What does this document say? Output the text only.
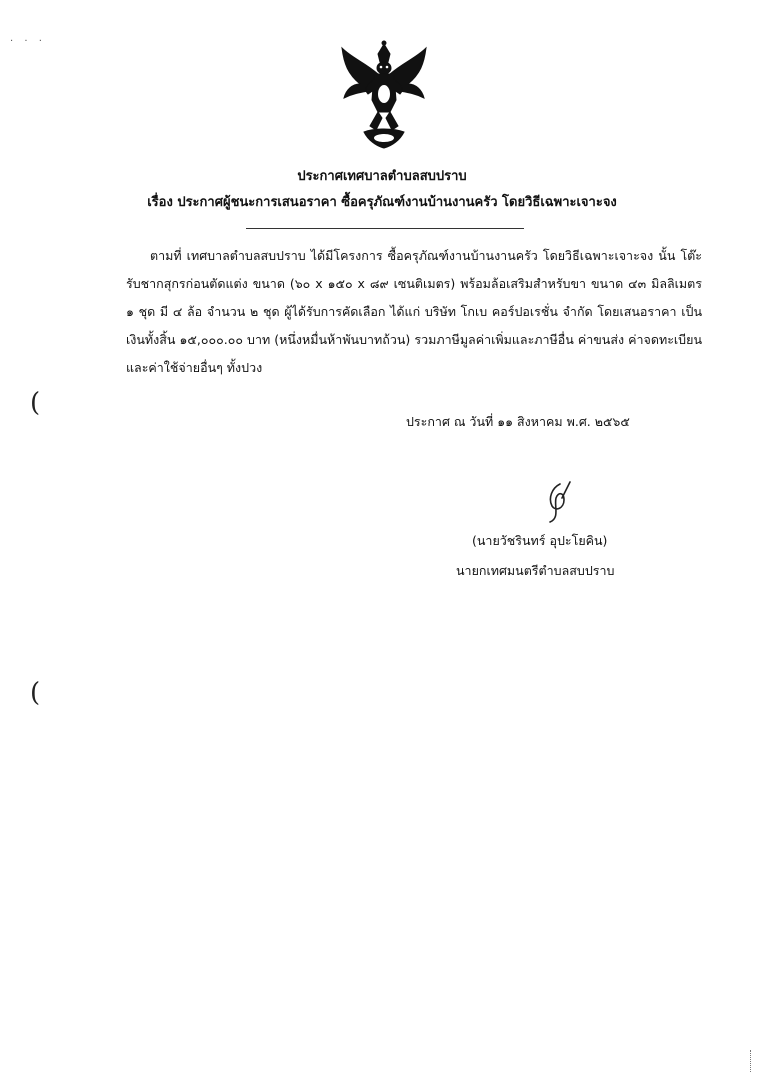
· · ·
ประกาศเทศบาลตำบลสบปราบ
เรื่อง ประกาศผู้ชนะการเสนอราคา ซื้อครุภัณฑ์งานบ้านงานครัว โดยวิธีเฉพาะเจาะจง
ตามที่ เทศบาลตำบลสบปราบ ได้มีโครงการ ซื้อครุภัณฑ์งานบ้านงานครัว โดยวิธีเฉพาะเจาะจง นั้น โต๊ะรับชากสุกรก่อนตัดแต่ง ขนาด (๖๐ x ๑๕๐ x ๘๙ เซนติเมตร) พร้อมล้อเสริมสำหรับขา ขนาด ๔๓ มิลลิเมตร ๑ ชุด มี ๔ ล้อ จำนวน ๒ ชุด ผู้ได้รับการคัดเลือก ได้แก่ บริษัท โกเบ คอร์ปอเรชั่น จำกัด โดยเสนอราคา เป็นเงินทั้งสิ้น ๑๕,๐๐๐.๐๐ บาท (หนึ่งหมื่นห้าพันบาทถ้วน) รวมภาษีมูลค่าเพิ่มและภาษีอื่น ค่าขนส่ง ค่าจดทะเบียน และค่าใช้จ่ายอื่นๆ ทั้งปวง
ประกาศ ณ วันที่ ๑๑ สิงหาคม พ.ศ. ๒๕๖๕
(นายวัชรินทร์ อุปะโยคิน)
นายกเทศมนตรีตำบลสบปราบ
(
(
